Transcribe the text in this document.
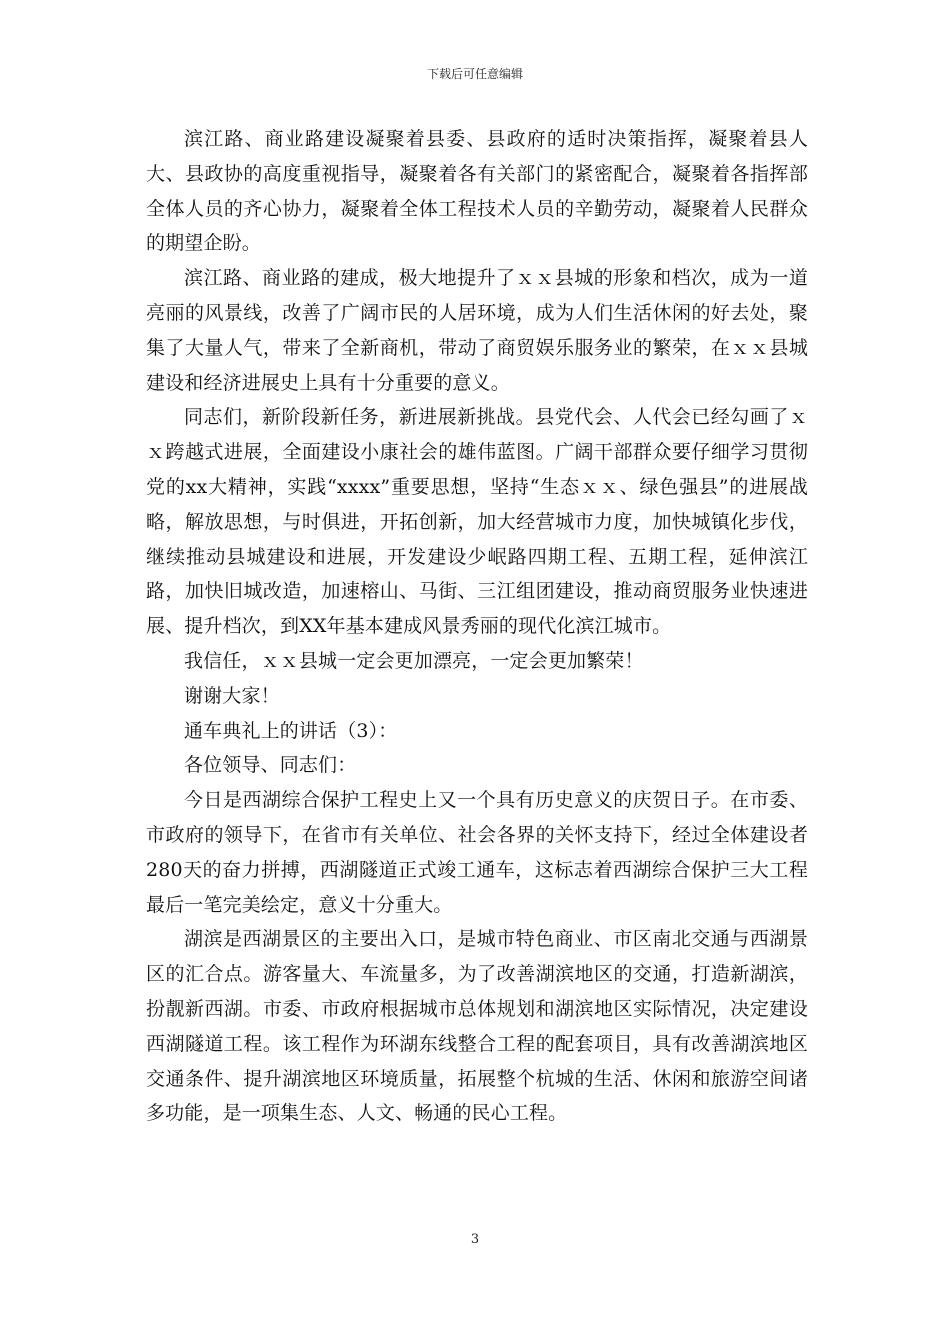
下载后可任意编辑

滨江路、商业路建设凝聚着县委、县政府的适时决策指挥，凝聚着县人大、县政协的高度重视指导，凝聚着各有关部门的紧密配合，凝聚着各指挥部全体人员的齐心协力，凝聚着全体工程技术人员的辛勤劳动，凝聚着人民群众的期望企盼。

滨江路、商业路的建成，极大地提升了ｘｘ县城的形象和档次，成为一道亮丽的风景线，改善了广阔市民的人居环境，成为人们生活休闲的好去处，聚集了大量人气，带来了全新商机，带动了商贸娱乐服务业的繁荣，在ｘｘ县城建设和经济进展史上具有十分重要的意义。

同志们，新阶段新任务，新进展新挑战。县党代会、人代会已经勾画了ｘｘ跨越式进展，全面建设小康社会的雄伟蓝图。广阔干部群众要仔细学习贯彻党的xx大精神，实践“xxxx”重要思想，坚持“生态ｘｘ、绿色强县”的进展战略，解放思想，与时俱进，开拓创新，加大经营城市力度，加快城镇化步伐，继续推动县城建设和进展，开发建设少岷路四期工程、五期工程，延伸滨江路，加快旧城改造，加速榕山、马街、三江组团建设，推动商贸服务业快速进展、提升档次，到XX年基本建成风景秀丽的现代化滨江城市。

我信任，ｘｘ县城一定会更加漂亮，一定会更加繁荣！

谢谢大家！

通车典礼上的讲话（3）：

各位领导、同志们：

今日是西湖综合保护工程史上又一个具有历史意义的庆贺日子。在市委、市政府的领导下，在省市有关单位、社会各界的关怀支持下，经过全体建设者280天的奋力拼搏，西湖隧道正式竣工通车，这标志着西湖综合保护三大工程最后一笔完美绘定，意义十分重大。

湖滨是西湖景区的主要出入口，是城市特色商业、市区南北交通与西湖景区的汇合点。游客量大、车流量多，为了改善湖滨地区的交通，打造新湖滨，扮靓新西湖。市委、市政府根据城市总体规划和湖滨地区实际情况，决定建设西湖隧道工程。该工程作为环湖东线整合工程的配套项目，具有改善湖滨地区交通条件、提升湖滨地区环境质量，拓展整个杭城的生活、休闲和旅游空间诸多功能，是一项集生态、人文、畅通的民心工程。

3
